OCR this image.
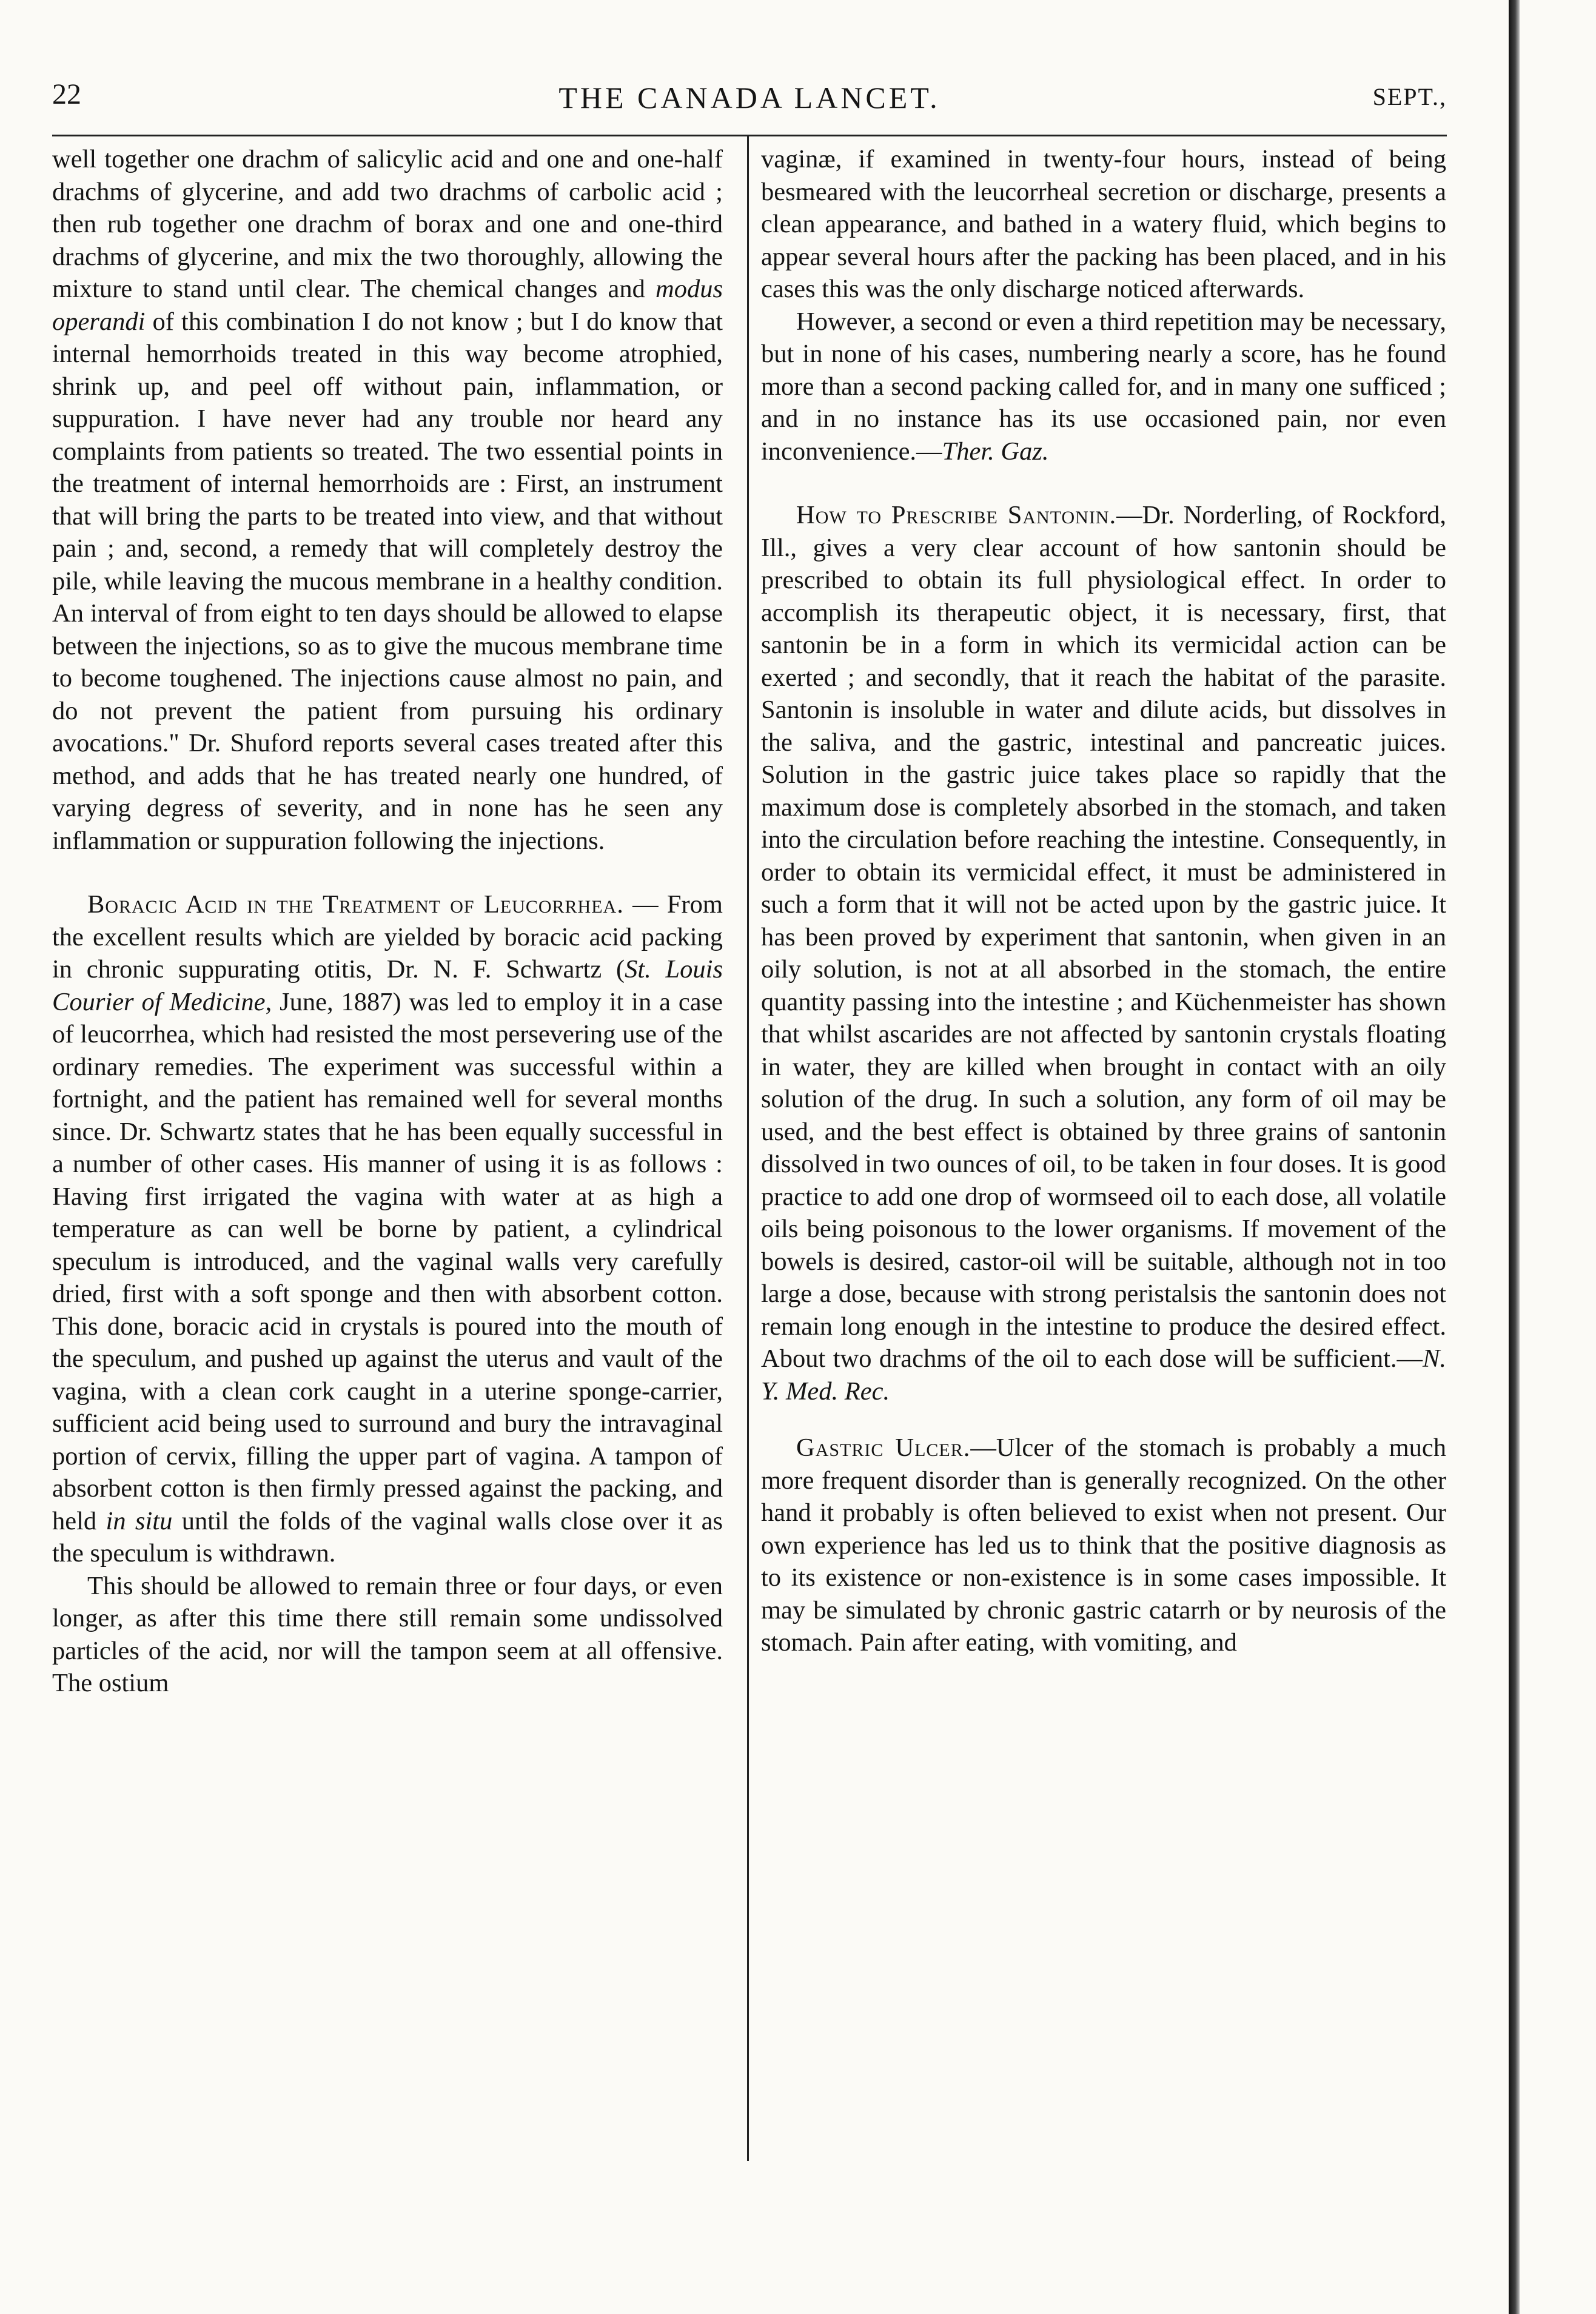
22	THE CANADA LANCET.	SEPT.,

well together one drachm of salicylic acid and one and one-half drachms of glycerine, and add two drachms of carbolic acid ; then rub together one drachm of borax and one and one-third drachms of glycerine, and mix the two thoroughly, allowing the mixture to stand until clear. The chemical changes and modus operandi of this combination I do not know ; but I do know that internal hemorrhoids treated in this way become atrophied, shrink up, and peel off without pain, inflammation, or suppuration. I have never had any trouble nor heard any complaints from patients so treated. The two essential points in the treatment of internal hemorrhoids are : First, an instrument that will bring the parts to be treated into view, and that without pain ; and, second, a remedy that will completely destroy the pile, while leaving the mucous membrane in a healthy condition. An interval of from eight to ten days should be allowed to elapse between the injections, so as to give the mucous membrane time to become toughened. The injections cause almost no pain, and do not prevent the patient from pursuing his ordinary avocations." Dr. Shuford reports several cases treated after this method, and adds that he has treated nearly one hundred, of varying degress of severity, and in none has he seen any inflammation or suppuration following the injections.

Boracic Acid in the Treatment of Leucorrhea. — From the excellent results which are yielded by boracic acid packing in chronic suppurating otitis, Dr. N. F. Schwartz (St. Louis Courier of Medicine, June, 1887) was led to employ it in a case of leucorrhea, which had resisted the most persevering use of the ordinary remedies. The experiment was successful within a fortnight, and the patient has remained well for several months since. Dr. Schwartz states that he has been equally successful in a number of other cases. His manner of using it is as follows : Having first irrigated the vagina with water at as high a temperature as can well be borne by patient, a cylindrical speculum is introduced, and the vaginal walls very carefully dried, first with a soft sponge and then with absorbent cotton. This done, boracic acid in crystals is poured into the mouth of the speculum, and pushed up against the uterus and vault of the vagina, with a clean cork caught in a uterine sponge-carrier, sufficient acid being used to surround and bury the intravaginal portion of cervix, filling the upper part of vagina. A tampon of absorbent cotton is then firmly pressed against the packing, and held in situ until the folds of the vaginal walls close over it as the speculum is withdrawn.

This should be allowed to remain three or four days, or even longer, as after this time there still remain some undissolved particles of the acid, nor will the tampon seem at all offensive. The ostium

vaginæ, if examined in twenty-four hours, instead of being besmeared with the leucorrheal secretion or discharge, presents a clean appearance, and bathed in a watery fluid, which begins to appear several hours after the packing has been placed, and in his cases this was the only discharge noticed afterwards.

However, a second or even a third repetition may be necessary, but in none of his cases, numbering nearly a score, has he found more than a second packing called for, and in many one sufficed ; and in no instance has its use occasioned pain, nor even inconvenience.—Ther. Gaz.

How to Prescribe Santonin.—Dr. Norderling, of Rockford, Ill., gives a very clear account of how santonin should be prescribed to obtain its full physiological effect. In order to accomplish its therapeutic object, it is necessary, first, that santonin be in a form in which its vermicidal action can be exerted ; and secondly, that it reach the habitat of the parasite. Santonin is insoluble in water and dilute acids, but dissolves in the saliva, and the gastric, intestinal and pancreatic juices. Solution in the gastric juice takes place so rapidly that the maximum dose is completely absorbed in the stomach, and taken into the circulation before reaching the intestine. Consequently, in order to obtain its vermicidal effect, it must be administered in such a form that it will not be acted upon by the gastric juice. It has been proved by experiment that santonin, when given in an oily solution, is not at all absorbed in the stomach, the entire quantity passing into the intestine ; and Küchenmeister has shown that whilst ascarides are not affected by santonin crystals floating in water, they are killed when brought in contact with an oily solution of the drug. In such a solution, any form of oil may be used, and the best effect is obtained by three grains of santonin dissolved in two ounces of oil, to be taken in four doses. It is good practice to add one drop of wormseed oil to each dose, all volatile oils being poisonous to the lower organisms. If movement of the bowels is desired, castor-oil will be suitable, although not in too large a dose, because with strong peristalsis the santonin does not remain long enough in the intestine to produce the desired effect. About two drachms of the oil to each dose will be sufficient.—N. Y. Med. Rec.

Gastric Ulcer.—Ulcer of the stomach is probably a much more frequent disorder than is generally recognized. On the other hand it probably is often believed to exist when not present. Our own experience has led us to think that the positive diagnosis as to its existence or non-existence is in some cases impossible. It may be simulated by chronic gastric catarrh or by neurosis of the stomach. Pain after eating, with vomiting, and
